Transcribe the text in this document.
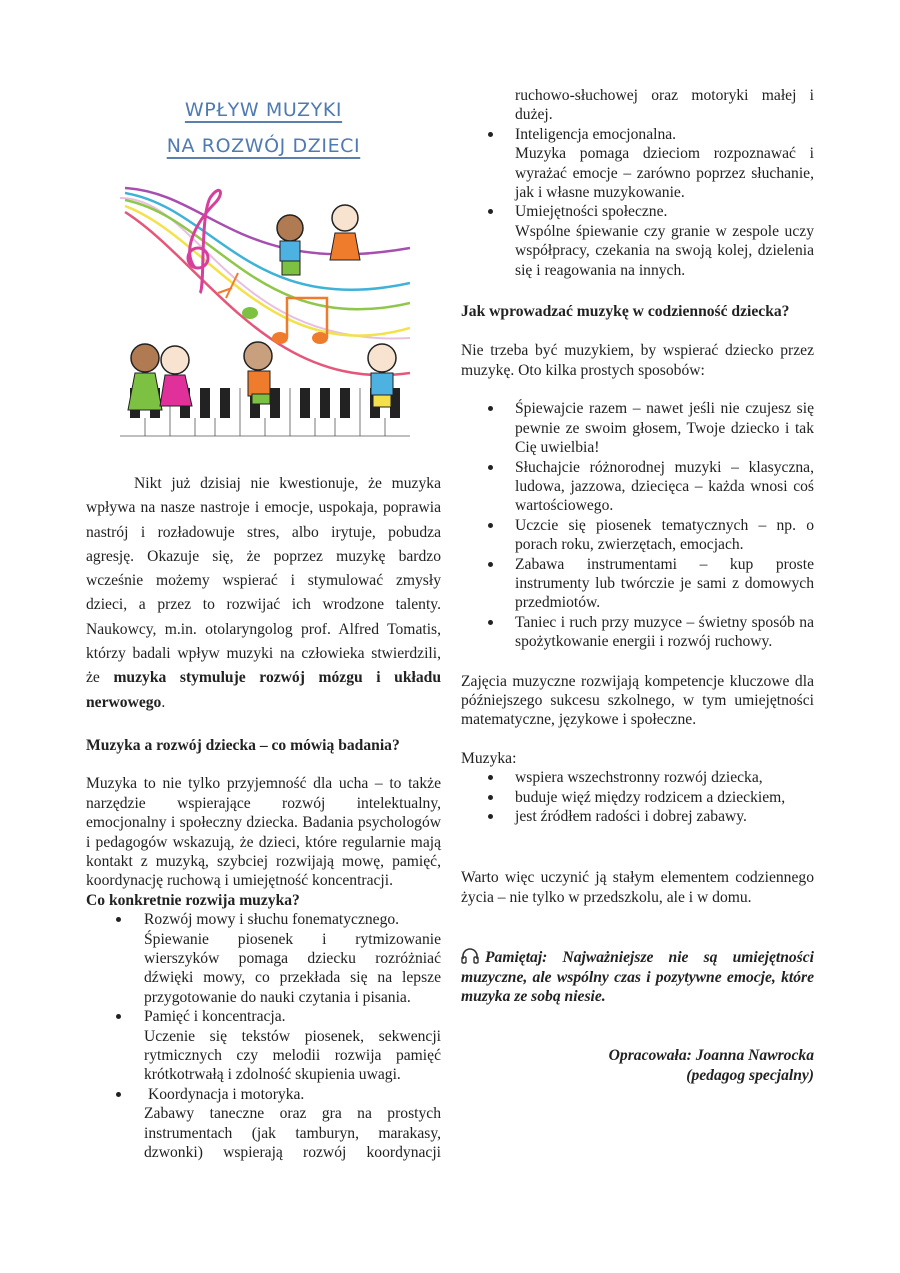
WPŁYW MUZYKI
NA ROZWÓJ DZIECI

Nikt już dzisiaj nie kwestionuje, że muzyka wpływa na nasze nastroje i emocje, uspokaja, poprawia nastrój i rozładowuje stres, albo irytuje, pobudza agresję. Okazuje się, że poprzez muzykę bardzo wcześnie możemy wspierać i stymulować zmysły dzieci, a przez to rozwijać ich wrodzone talenty. Naukowcy, m.in. otolaryngolog prof. Alfred Tomatis, którzy badali wpływ muzyki na człowieka stwierdzili, że muzyka stymuluje rozwój mózgu i układu nerwowego.

Muzyka a rozwój dziecka – co mówią badania?

Muzyka to nie tylko przyjemność dla ucha – to także narzędzie wspierające rozwój intelektualny, emocjonalny i społeczny dziecka. Badania psychologów i pedagogów wskazują, że dzieci, które regularnie mają kontakt z muzyką, szybciej rozwijają mowę, pamięć, koordynację ruchową i umiejętność koncentracji.

Co konkretnie rozwija muzyka?

Rozwój mowy i słuchu fonematycznego.
Śpiewanie piosenek i rytmizowanie wierszyków pomaga dziecku rozróżniać dźwięki mowy, co przekłada się na lepsze przygotowanie do nauki czytania i pisania.
Pamięć i koncentracja.
Uczenie się tekstów piosenek, sekwencji rytmicznych czy melodii rozwija pamięć krótkotrwałą i zdolność skupienia uwagi.
Koordynacja i motoryka.
Zabawy taneczne oraz gra na prostych instrumentach (jak tamburyn, marakasy, dzwonki) wspierają rozwój koordynacji
ruchowo-słuchowej oraz motoryki małej i dużej.
Inteligencja emocjonalna.
Muzyka pomaga dzieciom rozpoznawać i wyrażać emocje – zarówno poprzez słuchanie, jak i własne muzykowanie.
Umiejętności społeczne.
Wspólne śpiewanie czy granie w zespole uczy współpracy, czekania na swoją kolej, dzielenia się i reagowania na innych.

Jak wprowadzać muzykę w codzienność dziecka?

Nie trzeba być muzykiem, by wspierać dziecko przez muzykę. Oto kilka prostych sposobów:

Śpiewajcie razem – nawet jeśli nie czujesz się pewnie ze swoim głosem, Twoje dziecko i tak Cię uwielbia!
Słuchajcie różnorodnej muzyki – klasyczna, ludowa, jazzowa, dziecięca – każda wnosi coś wartościowego.
Uczcie się piosenek tematycznych – np. o porach roku, zwierzętach, emocjach.
Zabawa instrumentami – kup proste instrumenty lub twórczie je sami z domowych przedmiotów.
Taniec i ruch przy muzyce – świetny sposób na spożytkowanie energii i rozwój ruchowy.

Zajęcia muzyczne rozwijają kompetencje kluczowe dla późniejszego sukcesu szkolnego, w tym umiejętności matematyczne, językowe i społeczne.

Muzyka:

wspiera wszechstronny rozwój dziecka,
buduje więź między rodzicem a dzieckiem,
jest źródłem radości i dobrej zabawy.

Warto więc uczynić ją stałym elementem codziennego życia – nie tylko w przedszkolu, ale i w domu.

Pamiętaj: Najważniejsze nie są umiejętności muzyczne, ale wspólny czas i pozytywne emocje, które muzyka ze sobą niesie.

Opracowała: Joanna Nawrocka
(pedagog specjalny)
